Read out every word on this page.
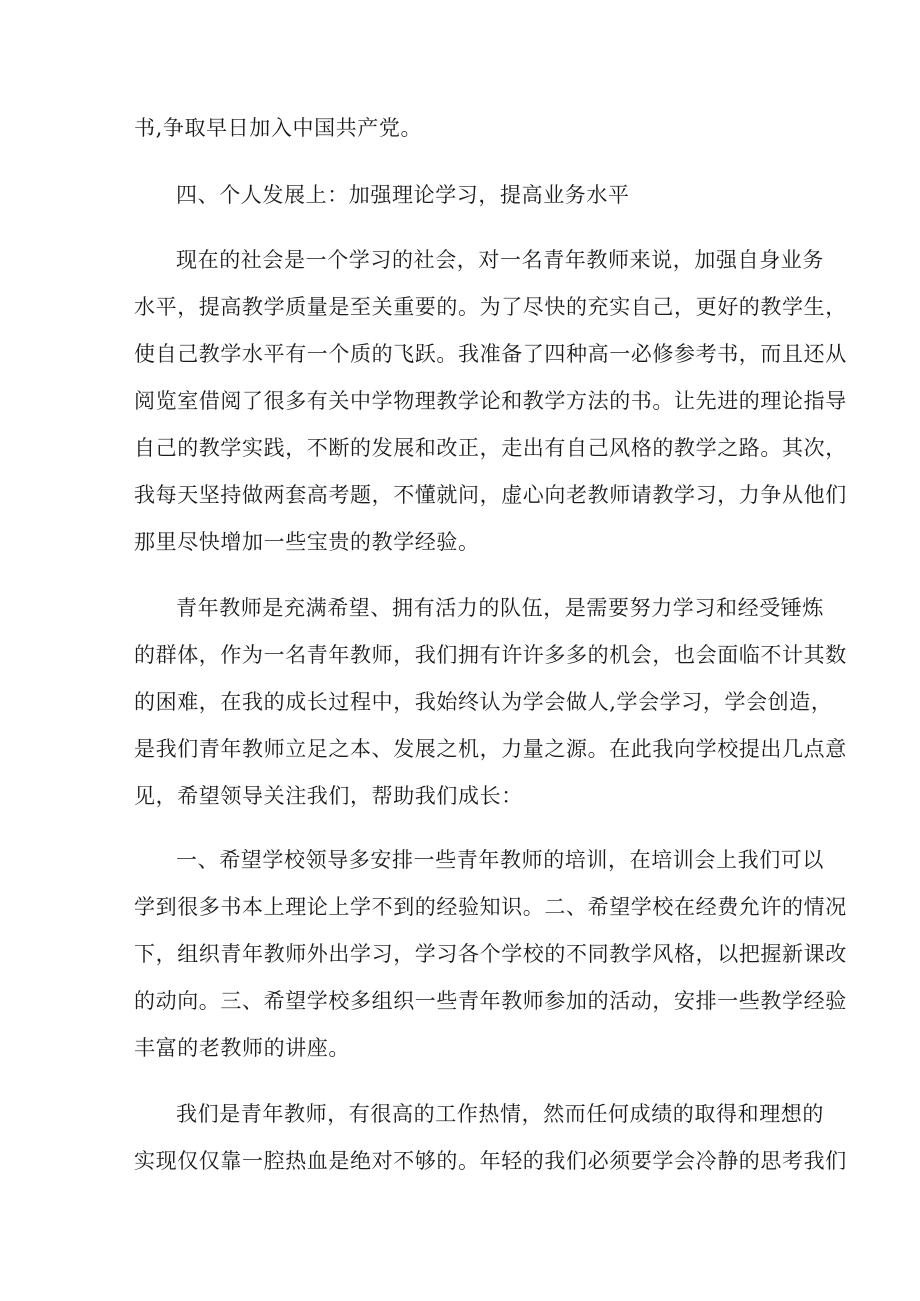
书,争取早日加入中国共产党。
四、个人发展上：加强理论学习，提高业务水平
现在的社会是一个学习的社会，对一名青年教师来说，加强自身业务
水平，提高教学质量是至关重要的。为了尽快的充实自己，更好的教学生，
使自己教学水平有一个质的飞跃。我准备了四种高一必修参考书，而且还从
阅览室借阅了很多有关中学物理教学论和教学方法的书。让先进的理论指导
自己的教学实践，不断的发展和改正，走出有自己风格的教学之路。其次，
我每天坚持做两套高考题，不懂就问，虚心向老教师请教学习，力争从他们
那里尽快增加一些宝贵的教学经验。
青年教师是充满希望、拥有活力的队伍，是需要努力学习和经受锤炼
的群体，作为一名青年教师，我们拥有许许多多的机会，也会面临不计其数
的困难，在我的成长过程中，我始终认为学会做人,学会学习，学会创造，
是我们青年教师立足之本、发展之机，力量之源。在此我向学校提出几点意
见，希望领导关注我们，帮助我们成长：
一、希望学校领导多安排一些青年教师的培训，在培训会上我们可以
学到很多书本上理论上学不到的经验知识。二、希望学校在经费允许的情况
下，组织青年教师外出学习，学习各个学校的不同教学风格，以把握新课改
的动向。三、希望学校多组织一些青年教师参加的活动，安排一些教学经验
丰富的老教师的讲座。
我们是青年教师，有很高的工作热情，然而任何成绩的取得和理想的
实现仅仅靠一腔热血是绝对不够的。年轻的我们必须要学会冷静的思考我们
